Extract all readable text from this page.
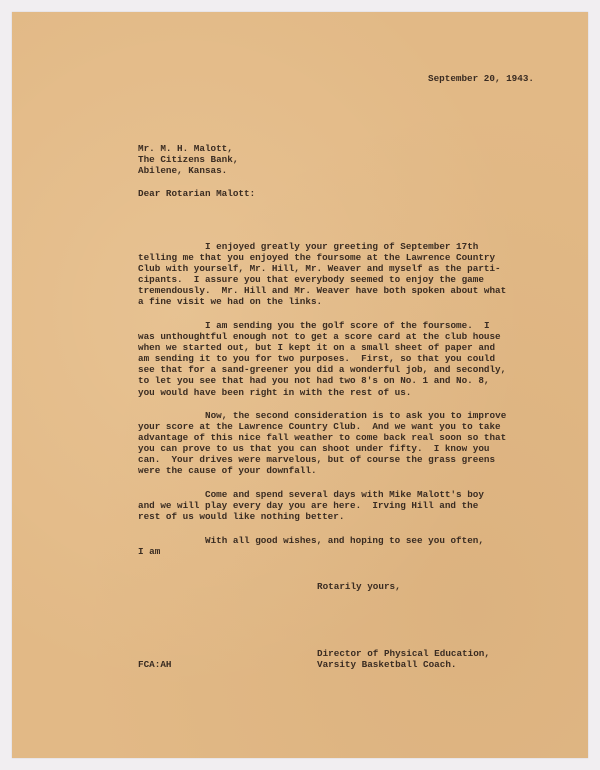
September 20, 1943.
Mr. M. H. Malott,
The Citizens Bank,
Abilene, Kansas.
Dear Rotarian Malott:
I enjoyed greatly your greeting of September 17th
telling me that you enjoyed the foursome at the Lawrence Country
Club with yourself, Mr. Hill, Mr. Weaver and myself as the parti-
cipants.  I assure you that everybody seemed to enjoy the game
tremendously.  Mr. Hill and Mr. Weaver have both spoken about what
a fine visit we had on the links.
I am sending you the golf score of the foursome.  I
was unthoughtful enough not to get a score card at the club house
when we started out, but I kept it on a small sheet of paper and
am sending it to you for two purposes.  First, so that you could
see that for a sand-greener you did a wonderful job, and secondly,
to let you see that had you not had two 8's on No. 1 and No. 8,
you would have been right in with the rest of us.
Now, the second consideration is to ask you to improve
your score at the Lawrence Country Club.  And we want you to take
advantage of this nice fall weather to come back real soon so that
you can prove to us that you can shoot under fifty.  I know you
can.  Your drives were marvelous, but of course the grass greens
were the cause of your downfall.
Come and spend several days with Mike Malott's boy
and we will play every day you are here.  Irving Hill and the
rest of us would like nothing better.
With all good wishes, and hoping to see you often,
I am
Rotarily yours,
Director of Physical Education,
Varsity Basketball Coach.
FCA:AH
